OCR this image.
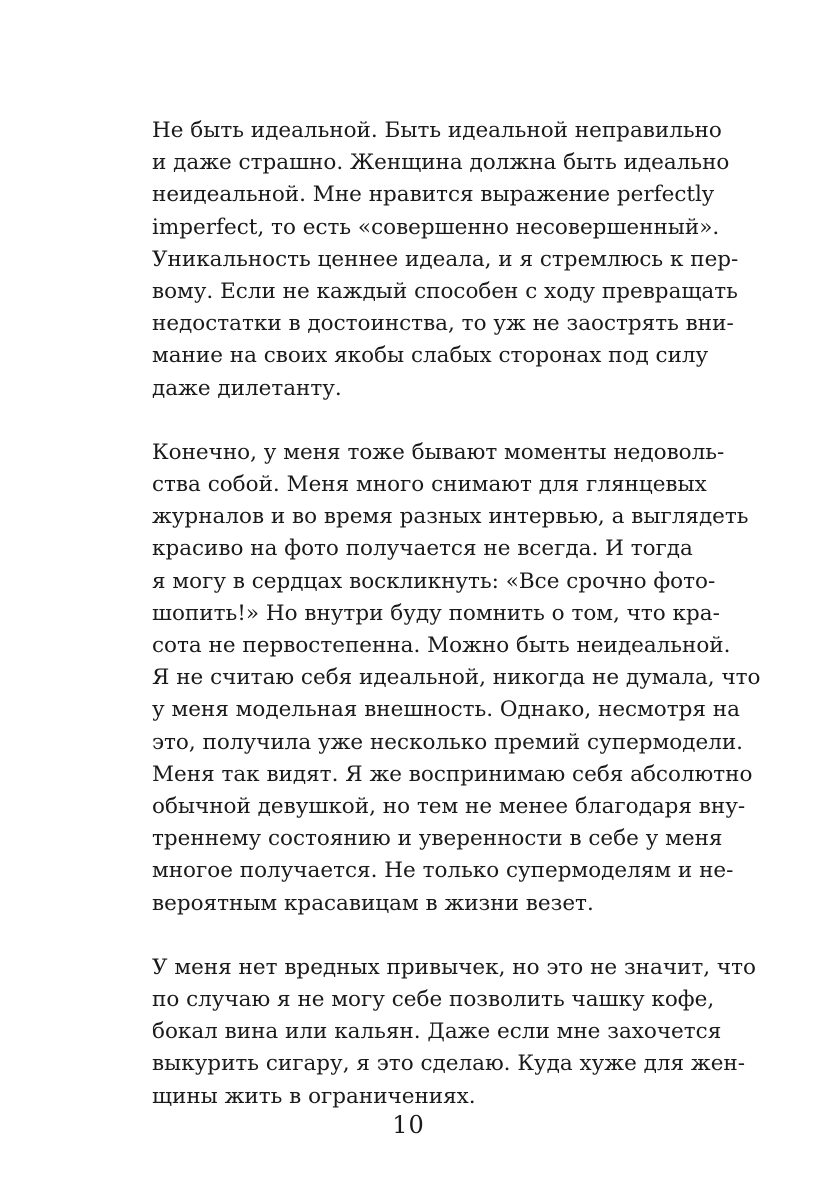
Не быть идеальной. Быть идеальной неправильно
и даже страшно. Женщина должна быть идеально
неидеальной. Мне нравится выражение perfectly
imperfect, то есть «совершенно несовершенный».
Уникальность ценнее идеала, и я стремлюсь к пер-
вому. Если не каждый способен с ходу превращать
недостатки в достоинства, то уж не заострять вни-
мание на своих якобы слабых сторонах под силу
даже дилетанту.

Конечно, у меня тоже бывают моменты недоволь-
ства собой. Меня много снимают для глянцевых
журналов и во время разных интервью, а выглядеть
красиво на фото получается не всегда. И тогда
я могу в сердцах воскликнуть: «Все срочно фото-
шопить!» Но внутри буду помнить о том, что кра-
сота не первостепенна. Можно быть неидеальной.
Я не считаю себя идеальной, никогда не думала, что
у меня модельная внешность. Однако, несмотря на
это, получила уже несколько премий супермодели.
Меня так видят. Я же воспринимаю себя абсолютно
обычной девушкой, но тем не менее благодаря вну-
треннему состоянию и уверенности в себе у меня
многое получается. Не только супермоделям и не-
вероятным красавицам в жизни везет.

У меня нет вредных привычек, но это не значит, что
по случаю я не могу себе позволить чашку кофе,
бокал вина или кальян. Даже если мне захочется
выкурить сигару, я это сделаю. Куда хуже для жен-
щины жить в ограничениях.

10
